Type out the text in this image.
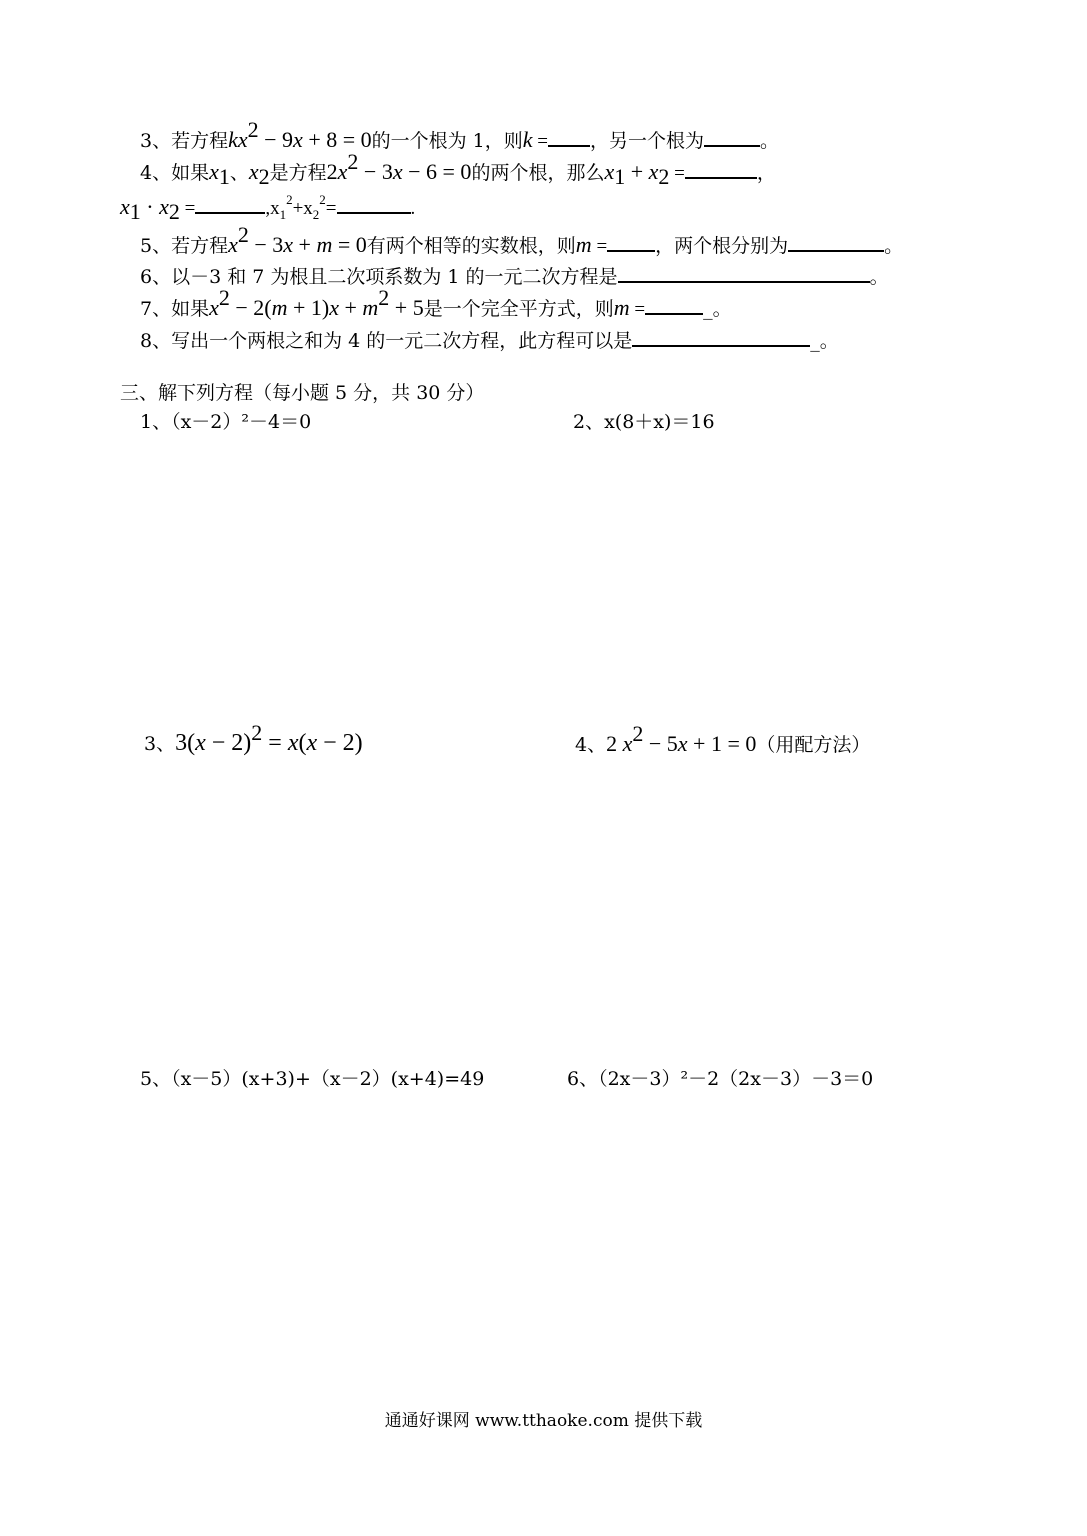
3、若方程$kx^2 - 9x + 8 = 0$的一个根为 1，则k = ，另一个根为	。
4、如果$x_1$、$x_2$是方程$2x^2 - 3x - 6 = 0$的两个根，那么$x_1 + x_2$ =	，
$x_1 \cdot x_2$ =	$,x_1^2+x_2^2=$	.
5、若方程$x^2 - 3x + m = 0$有两个相等的实数根，则m =	，两个根分别为	。
6、以－3 和 7 为根且二次项系数为 1 的一元二次方程是	。
7、如果$x^2 - 2(m + 1)x + m^2 + 5$是一个完全平方式，则m =	_。
8、写出一个两根之和为 4 的一元二次方程，此方程可以是	_。
三、解下列方程（每小题 5 分，共 30 分）
1、（x－2）²－4＝0	2、x(8＋x)＝16
3、$3(x - 2)^2 = x(x - 2)$	4、2 $x^2 - 5x + 1 = 0$（用配方法）
5、（x－5）(x+3)+（x－2）(x+4)=49	6、（2x－3）²－2（2x－3）－3＝0
通通好课网 www.tthaoke.com 提供下载
